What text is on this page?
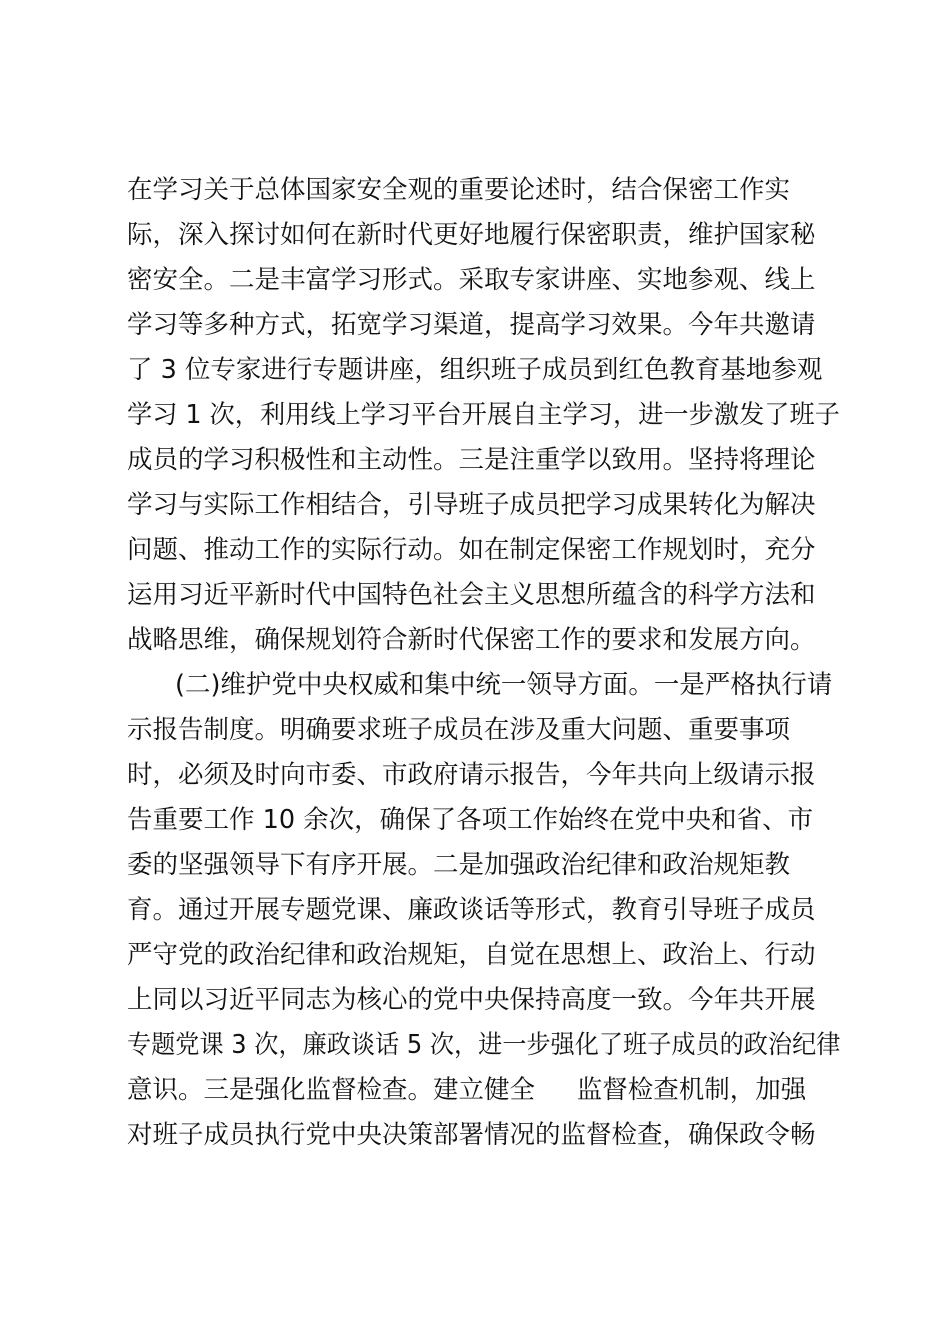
在学习关于总体国家安全观的重要论述时，结合保密工作实
际，深入探讨如何在新时代更好地履行保密职责，维护国家秘
密安全。二是丰富学习形式。采取专家讲座、实地参观、线上
学习等多种方式，拓宽学习渠道，提高学习效果。今年共邀请
了 3 位专家进行专题讲座，组织班子成员到红色教育基地参观
学习 1 次，利用线上学习平台开展自主学习，进一步激发了班子
成员的学习积极性和主动性。三是注重学以致用。坚持将理论
学习与实际工作相结合，引导班子成员把学习成果转化为解决
问题、推动工作的实际行动。如在制定保密工作规划时，充分
运用习近平新时代中国特色社会主义思想所蕴含的科学方法和
战略思维，确保规划符合新时代保密工作的要求和发展方向。
(二)维护党中央权威和集中统一领导方面。一是严格执行请
示报告制度。明确要求班子成员在涉及重大问题、重要事项
时，必须及时向市委、市政府请示报告，今年共向上级请示报
告重要工作 10 余次，确保了各项工作始终在党中央和省、市
委的坚强领导下有序开展。二是加强政治纪律和政治规矩教
育。通过开展专题党课、廉政谈话等形式，教育引导班子成员
严守党的政治纪律和政治规矩，自觉在思想上、政治上、行动
上同以习近平同志为核心的党中央保持高度一致。今年共开展
专题党课 3 次，廉政谈话 5 次，进一步强化了班子成员的政治纪律
意识。三是强化监督检查。建立健全 　 监督检查机制，加强
对班子成员执行党中央决策部署情况的监督检查，确保政令畅
